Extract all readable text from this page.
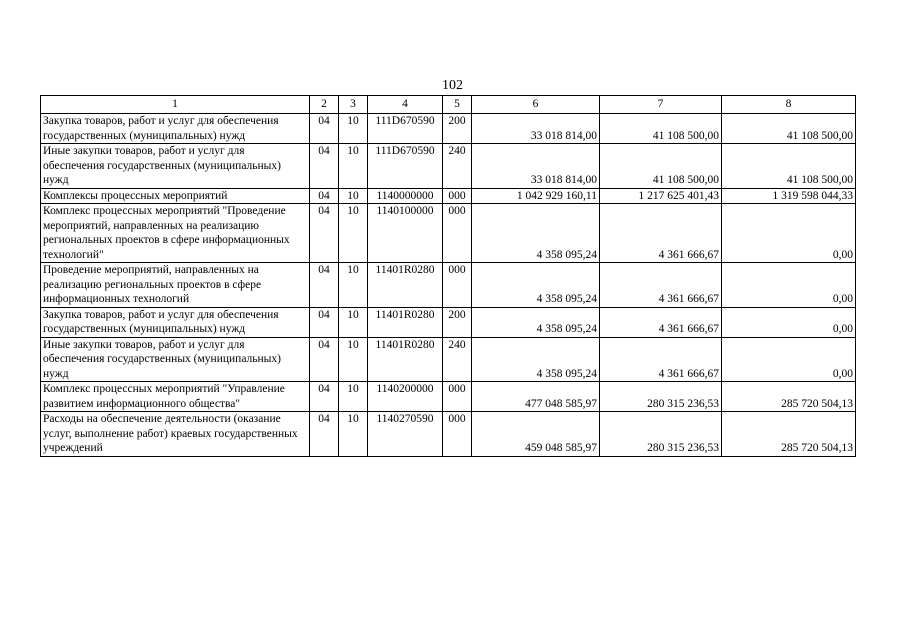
102
1	2	3	4	5	6	7	8
Закупка товаров, работ и услуг для обеспечения государственных (муниципальных) нужд	04	10	111D670590	200	33 018 814,00	41 108 500,00	41 108 500,00
Иные закупки товаров, работ и услуг для обеспечения государственных (муниципальных) нужд	04	10	111D670590	240	33 018 814,00	41 108 500,00	41 108 500,00
Комплексы процессных мероприятий	04	10	1140000000	000	1 042 929 160,11	1 217 625 401,43	1 319 598 044,33
Комплекс процессных мероприятий "Проведение мероприятий, направленных на реализацию региональных проектов в сфере информационных технологий"	04	10	1140100000	000	4 358 095,24	4 361 666,67	0,00
Проведение мероприятий, направленных на реализацию региональных проектов в сфере информационных технологий	04	10	11401R0280	000	4 358 095,24	4 361 666,67	0,00
Закупка товаров, работ и услуг для обеспечения государственных (муниципальных) нужд	04	10	11401R0280	200	4 358 095,24	4 361 666,67	0,00
Иные закупки товаров, работ и услуг для обеспечения государственных (муниципальных) нужд	04	10	11401R0280	240	4 358 095,24	4 361 666,67	0,00
Комплекс процессных мероприятий "Управление развитием информационного общества"	04	10	1140200000	000	477 048 585,97	280 315 236,53	285 720 504,13
Расходы на обеспечение деятельности (оказание услуг, выполнение работ) краевых государственных учреждений	04	10	1140270590	000	459 048 585,97	280 315 236,53	285 720 504,13
